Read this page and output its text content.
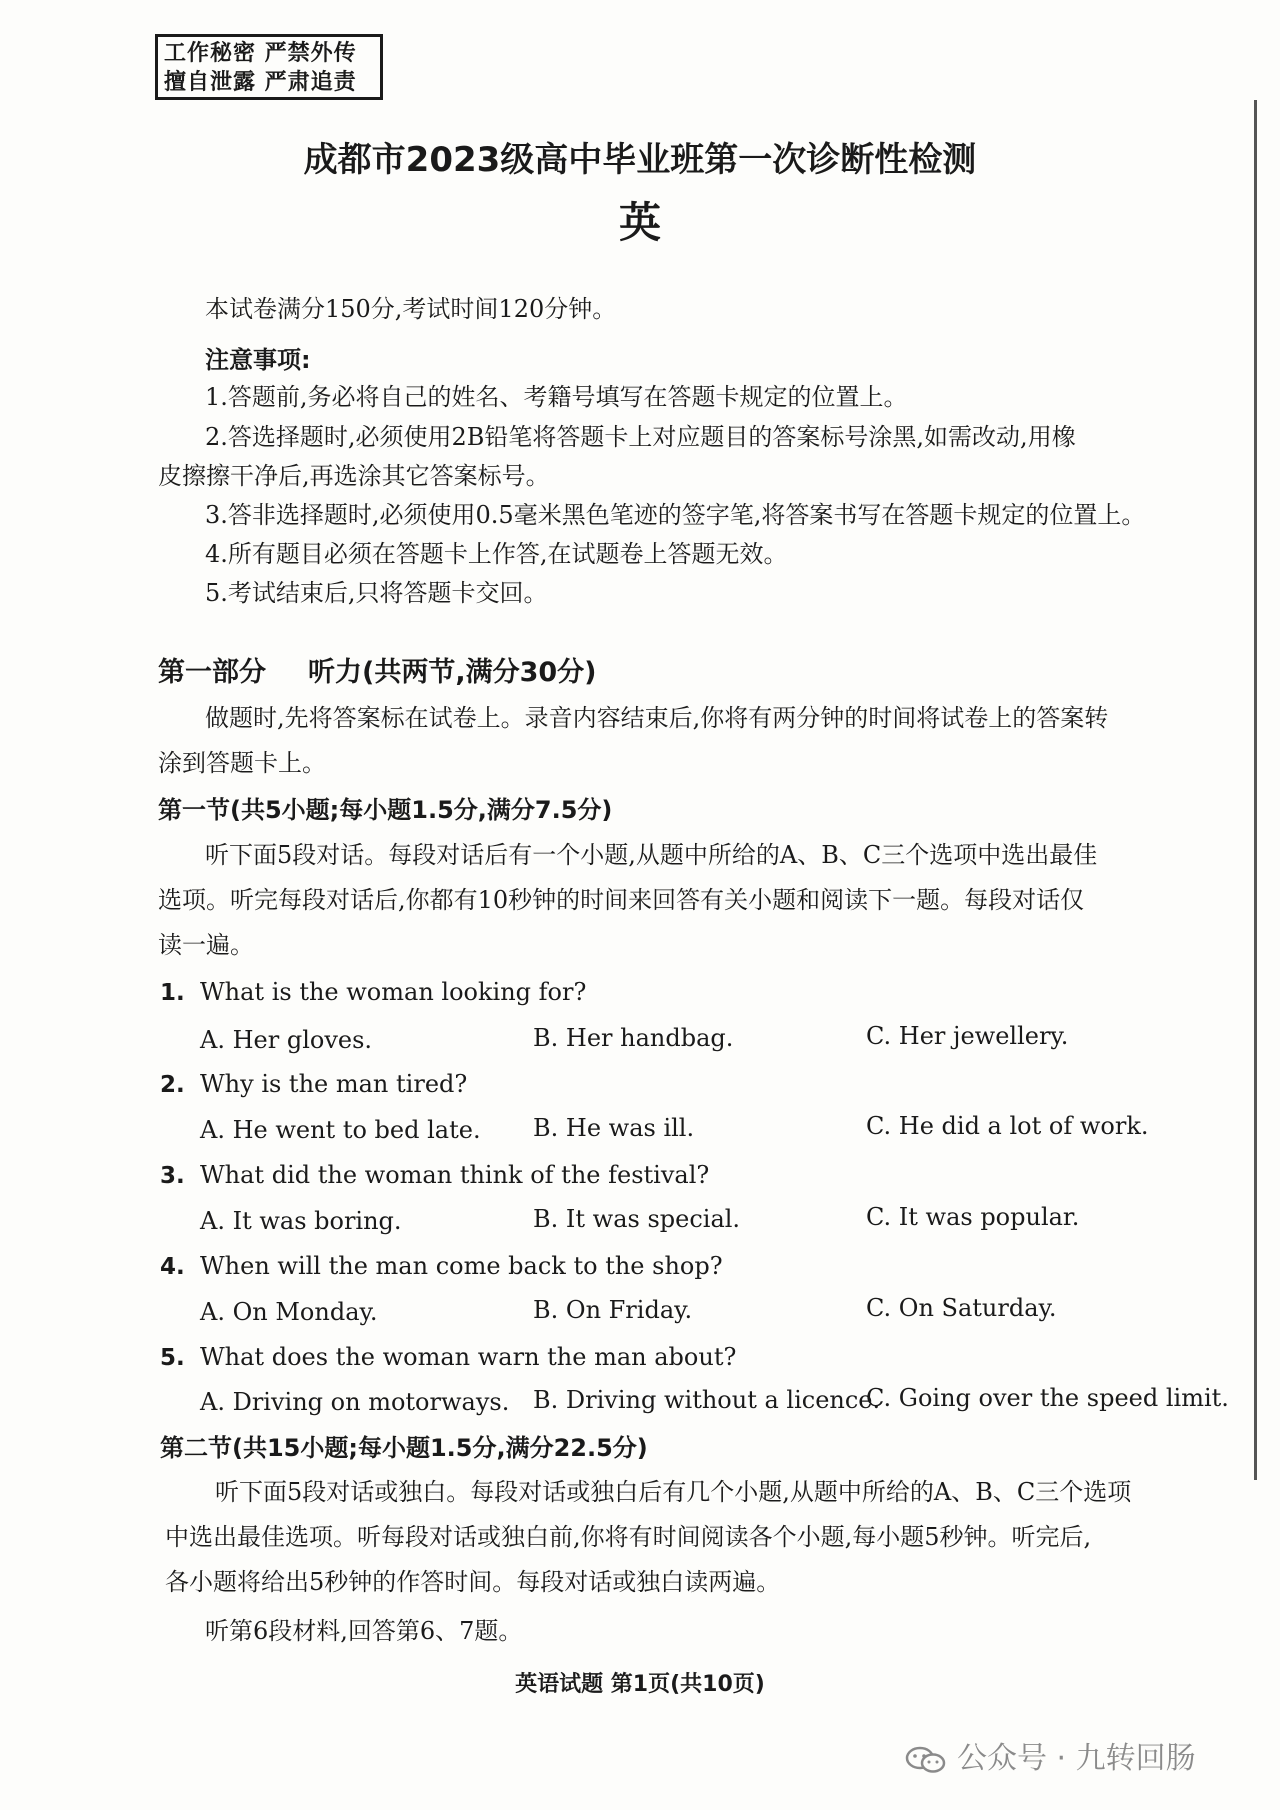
工作秘密 严禁外传
擅自泄露 严肃追责
成都市2023级高中毕业班第一次诊断性检测
英
本试卷满分150分,考试时间120分钟。
注意事项:
1.答题前,务必将自己的姓名、考籍号填写在答题卡规定的位置上。
2.答选择题时,必须使用2B铅笔将答题卡上对应题目的答案标号涂黑,如需改动,用橡
皮擦擦干净后,再选涂其它答案标号。
3.答非选择题时,必须使用0.5毫米黑色笔迹的签字笔,将答案书写在答题卡规定的位置上。
4.所有题目必须在答题卡上作答,在试题卷上答题无效。
5.考试结束后,只将答题卡交回。
第一部分 听力(共两节,满分30分)
做题时,先将答案标在试卷上。录音内容结束后,你将有两分钟的时间将试卷上的答案转
涂到答题卡上。
第一节(共5小题;每小题1.5分,满分7.5分)
听下面5段对话。每段对话后有一个小题,从题中所给的A、B、C三个选项中选出最佳
选项。听完每段对话后,你都有10秒钟的时间来回答有关小题和阅读下一题。每段对话仅
读一遍。
1. What is the woman looking for?
A. Her gloves.	B. Her handbag.	C. Her jewellery.
2. Why is the man tired?
A. He went to bed late. B. He was ill.	C. He did a lot of work.
3. What did the woman think of the festival?
A. It was boring.	B. It was special.	C. It was popular.
4. When will the man come back to the shop?
A. On Monday.	B. On Friday.	C. On Saturday.
5. What does the woman warn the man about?
A. Driving on motorways. B. Driving without a licence.
C. Going over the speed limit.
第二节(共15小题;每小题1.5分,满分22.5分)
听下面5段对话或独白。每段对话或独白后有几个小题,从题中所给的A、B、C三个选项
中选出最佳选项。听每段对话或独白前,你将有时间阅读各个小题,每小题5秒钟。听完后,
各小题将给出5秒钟的作答时间。每段对话或独白读两遍。
听第6段材料,回答第6、7题。
英语试题 第1页(共10页)
公众号 · 九转回肠
